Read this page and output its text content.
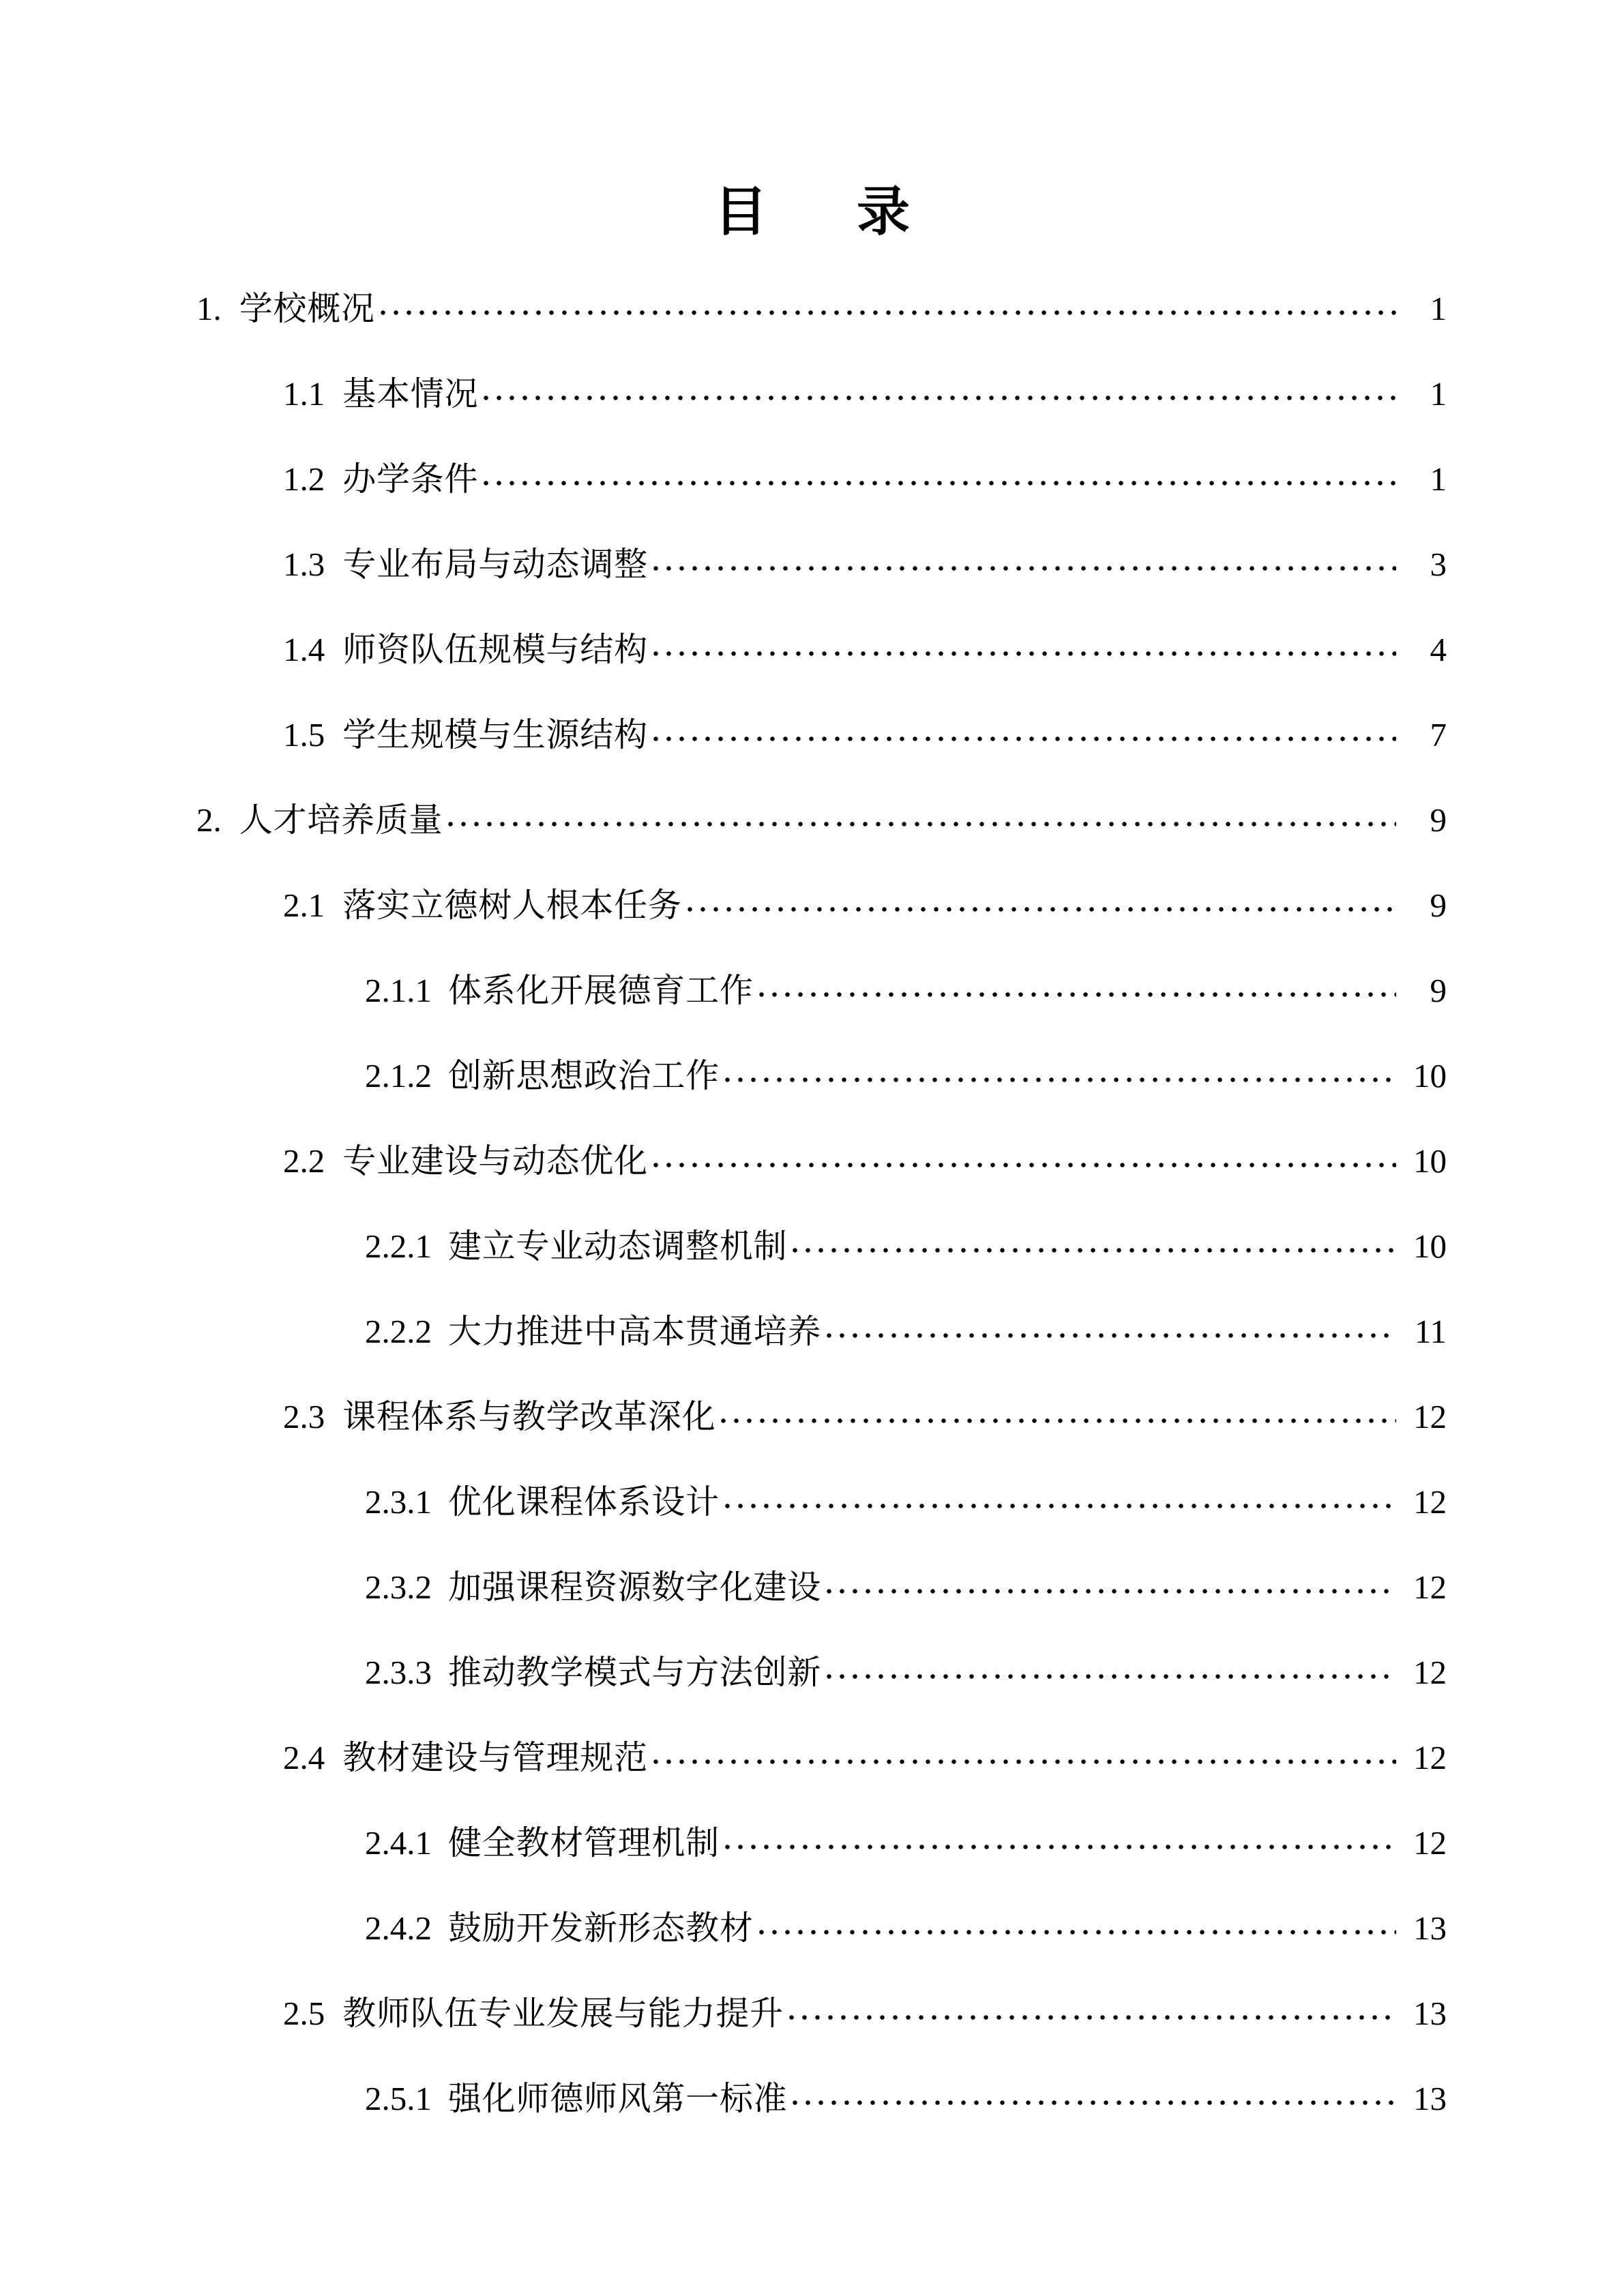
目　录
1. 学校概况	1
1.1 基本情况	1
1.2 办学条件	1
1.3 专业布局与动态调整	3
1.4 师资队伍规模与结构	4
1.5 学生规模与生源结构	7
2. 人才培养质量	9
2.1 落实立德树人根本任务	9
2.1.1 体系化开展德育工作	9
2.1.2 创新思想政治工作	10
2.2 专业建设与动态优化	10
2.2.1 建立专业动态调整机制	10
2.2.2 大力推进中高本贯通培养	11
2.3 课程体系与教学改革深化	12
2.3.1 优化课程体系设计	12
2.3.2 加强课程资源数字化建设	12
2.3.3 推动教学模式与方法创新	12
2.4 教材建设与管理规范	12
2.4.1 健全教材管理机制	12
2.4.2 鼓励开发新形态教材	13
2.5 教师队伍专业发展与能力提升	13
2.5.1 强化师德师风第一标准	13
